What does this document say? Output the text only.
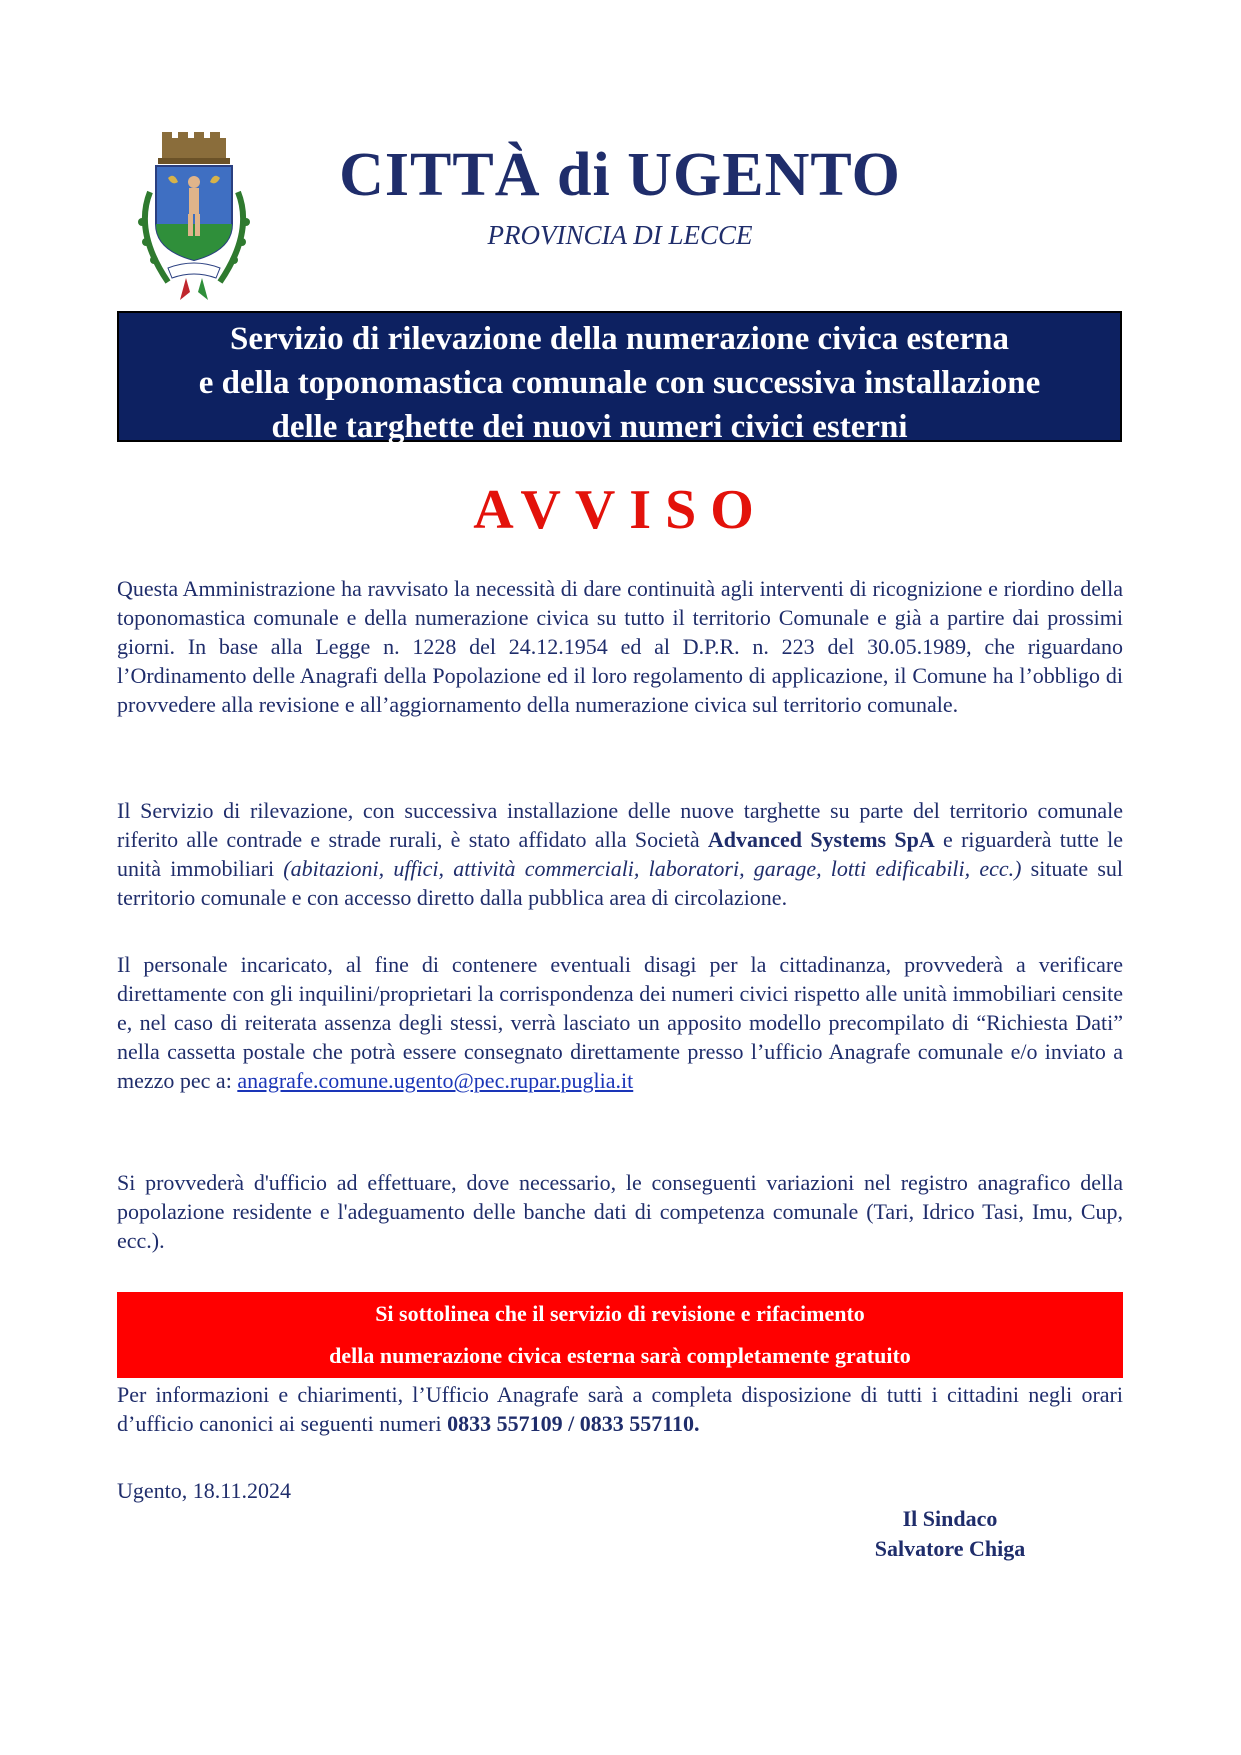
CITTÀ di UGENTO
PROVINCIA DI LECCE
Servizio di rilevazione della numerazione civica esterna
e della toponomastica comunale con successiva installazione
delle targhette dei nuovi numeri civici esterni
AVVISO
Questa Amministrazione ha ravvisato la necessità di dare continuità agli interventi di ricognizione e riordino della toponomastica comunale e della numerazione civica su tutto il territorio Comunale e già a partire dai prossimi giorni. In base alla Legge n. 1228 del 24.12.1954 ed al D.P.R. n. 223 del 30.05.1989, che riguardano l’Ordinamento delle Anagrafi della Popolazione ed il loro regolamento di applicazione, il Comune ha l’obbligo di provvedere alla revisione e all’aggiornamento della numerazione civica sul territorio comunale.
Il Servizio di rilevazione, con successiva installazione delle nuove targhette su parte del territorio comunale riferito alle contrade e strade rurali, è stato affidato alla Società Advanced Systems SpA e riguarderà tutte le unità immobiliari (abitazioni, uffici, attività commerciali, laboratori, garage, lotti edificabili, ecc.) situate sul territorio comunale e con accesso diretto dalla pubblica area di circolazione.
Il personale incaricato, al fine di contenere eventuali disagi per la cittadinanza, provvederà a verificare direttamente con gli inquilini/proprietari la corrispondenza dei numeri civici rispetto alle unità immobiliari censite e, nel caso di reiterata assenza degli stessi, verrà lasciato un apposito modello precompilato di “Richiesta Dati” nella cassetta postale che potrà essere consegnato direttamente presso l’ufficio Anagrafe comunale e/o inviato a mezzo pec a: anagrafe.comune.ugento@pec.rupar.puglia.it
Si provvederà d'ufficio ad effettuare, dove necessario, le conseguenti variazioni nel registro anagrafico della popolazione residente e l'adeguamento delle banche dati di competenza comunale (Tari, Idrico Tasi, Imu, Cup, ecc.).
Si sottolinea che il servizio di revisione e rifacimento
della numerazione civica esterna sarà completamente gratuito
Per informazioni e chiarimenti, l’Ufficio Anagrafe sarà a completa disposizione di tutti i cittadini negli orari d’ufficio canonici ai seguenti numeri 0833 557109 / 0833 557110.
Ugento, 18.11.2024
Il Sindaco
Salvatore Chiga
